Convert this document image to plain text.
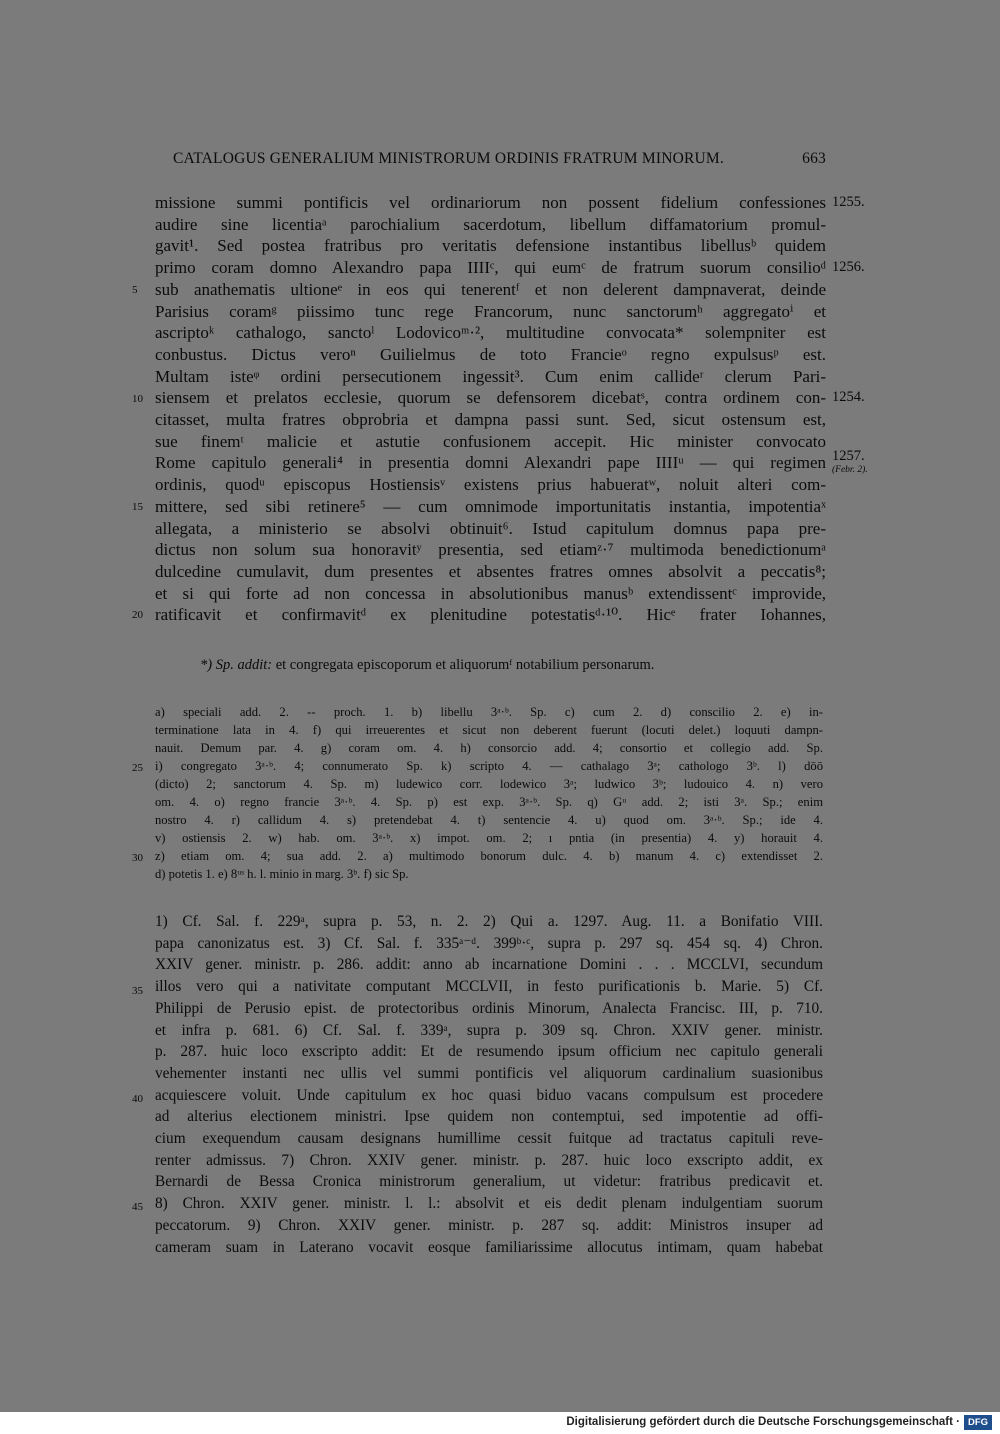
CATALOGUS GENERALIUM MINISTRORUM ORDINIS FRATRUM MINORUM.	663
missione summi pontificis vel ordinariorum non possent fidelium confessiones
audire sine licentiaᵃ parochialium sacerdotum, libellum diffamatorium promul-
gavit¹. Sed postea fratribus pro veritatis defensione instantibus libellusᵇ quidem
primo coram domno Alexandro papa IIIIᶜ, qui eumᶜ de fratrum suorum consilioᵈ
sub anathematis ultioneᵉ in eos qui tenerentᶠ et non delerent dampnaverat, deinde
Parisius coramᵍ piissimo tunc rege Francorum, nunc sanctorumʰ aggregatoⁱ et
ascriptoᵏ cathalogo, sanctoˡ Lodovicoᵐ·², multitudine convocata* solempniter est
conbustus. Dictus veroⁿ Guilielmus de toto Francieᵒ regno expulsusᵖ est.
Multam isteᵠ ordini persecutionem ingessit³. Cum enim callideʳ clerum Pari-
siensem et prelatos ecclesie, quorum se defensorem dicebatˢ, contra ordinem con-
citasset, multa fratres obprobria et dampna passi sunt. Sed, sicut ostensum est,
sue finemᵗ malicie et astutie confusionem accepit. Hic minister convocato
Rome capitulo generali⁴ in presentia domni Alexandri pape IIIIᵘ — qui regimen
ordinis, quodᵘ episcopus Hostiensisᵛ existens prius habueratʷ, noluit alteri com-
mittere, sed sibi retinere⁵ — cum omnimode importunitatis instantia, impotentiaˣ
allegata, a ministerio se absolvi obtinuit⁶. Istud capitulum domnus papa pre-
dictus non solum sua honoravitʸ presentia, sed etiamᶻ·⁷ multimoda benedictionumᵃ
dulcedine cumulavit, dum presentes et absentes fratres omnes absolvit a peccatis⁸;
et si qui forte ad non concessa in absolutionibus manusᵇ extendissentᶜ improvide,
ratificavit et confirmavitᵈ ex plenitudine potestatisᵈ·¹⁰. Hicᵉ frater Iohannes,
5
10
15
20
25
30
35
40
45
1255.
1256.
1254.
1257.
(Febr. 2).
*) Sp. addit: et congregata episcoporum et aliquorumᶠ notabilium personarum.
a) speciali add. 2. -- proch. 1. b) libellu 3ᵃ·ᵇ. Sp. c) cum 2. d) conscilio 2. e) in-
terminatione lata in 4. f) qui irreuerentes et sicut non deberent fuerunt (locuti delet.) loquuti dampn-
nauit. Demum par. 4. g) coram om. 4. h) consorcio add. 4; consortio et collegio add. Sp.
i) congregato 3ᵃ·ᵇ. 4; connumerato Sp. k) scripto 4. — cathalago 3ᵃ; cathologo 3ᵇ. l) dōō
(dicto) 2; sanctorum 4. Sp. m) ludewico corr. lodewico 3ᵃ; ludwico 3ᵇ; ludouico 4. n) vero
om. 4. o) regno francie 3ᵃ·ᵇ. 4. Sp. p) est exp. 3ᵃ·ᵇ. Sp. q) Gᵘ add. 2; isti 3ᵃ. Sp.; enim
nostro 4. r) callidum 4. s) pretendebat 4. t) sentencie 4. u) quod om. 3ᵃ·ᵇ. Sp.; ide 4.
v) ostiensis 2. w) hab. om. 3ᵃ·ᵇ. x) impot. om. 2; ı pntia (in presentia) 4. y) horauit 4.
z) etiam om. 4; sua add. 2. a) multimodo bonorum dulc. 4. b) manum 4. c) extendisset 2.
d) potetis 1. e) 8ᵘˢ h. l. minio in marg. 3ᵇ. f) sic Sp.
1) Cf. Sal. f. 229ᵃ, supra p. 53, n. 2. 2) Qui a. 1297. Aug. 11. a Bonifatio VIII.
papa canonizatus est. 3) Cf. Sal. f. 335ᵃ⁻ᵈ. 399ᵇ·ᶜ, supra p. 297 sq. 454 sq. 4) Chron.
XXIV gener. ministr. p. 286. addit: anno ab incarnatione Domini . . . MCCLVI, secundum
illos vero qui a nativitate computant MCCLVII, in festo purificationis b. Marie. 5) Cf.
Philippi de Perusio epist. de protectoribus ordinis Minorum, Analecta Francisc. III, p. 710.
et infra p. 681. 6) Cf. Sal. f. 339ᵃ, supra p. 309 sq. Chron. XXIV gener. ministr.
p. 287. huic loco exscripto addit: Et de resumendo ipsum officium nec capitulo generali
vehementer instanti nec ullis vel summi pontificis vel aliquorum cardinalium suasionibus
acquiescere voluit. Unde capitulum ex hoc quasi biduo vacans compulsum est procedere
ad alterius electionem ministri. Ipse quidem non contemptui, sed impotentie ad offi-
cium exequendum causam designans humillime cessit fuitque ad tractatus capituli reve-
renter admissus. 7) Chron. XXIV gener. ministr. p. 287. huic loco exscripto addit, ex
Bernardi de Bessa Cronica ministrorum generalium, ut videtur: fratribus predicavit et.
8) Chron. XXIV gener. ministr. l. l.: absolvit et eis dedit plenam indulgentiam suorum
peccatorum. 9) Chron. XXIV gener. ministr. p. 287 sq. addit: Ministros insuper ad
cameram suam in Laterano vocavit eosque familiarissime allocutus intimam, quam habebat
Digitalisierung gefördert durch die Deutsche Forschungsgemeinschaft · DFG
